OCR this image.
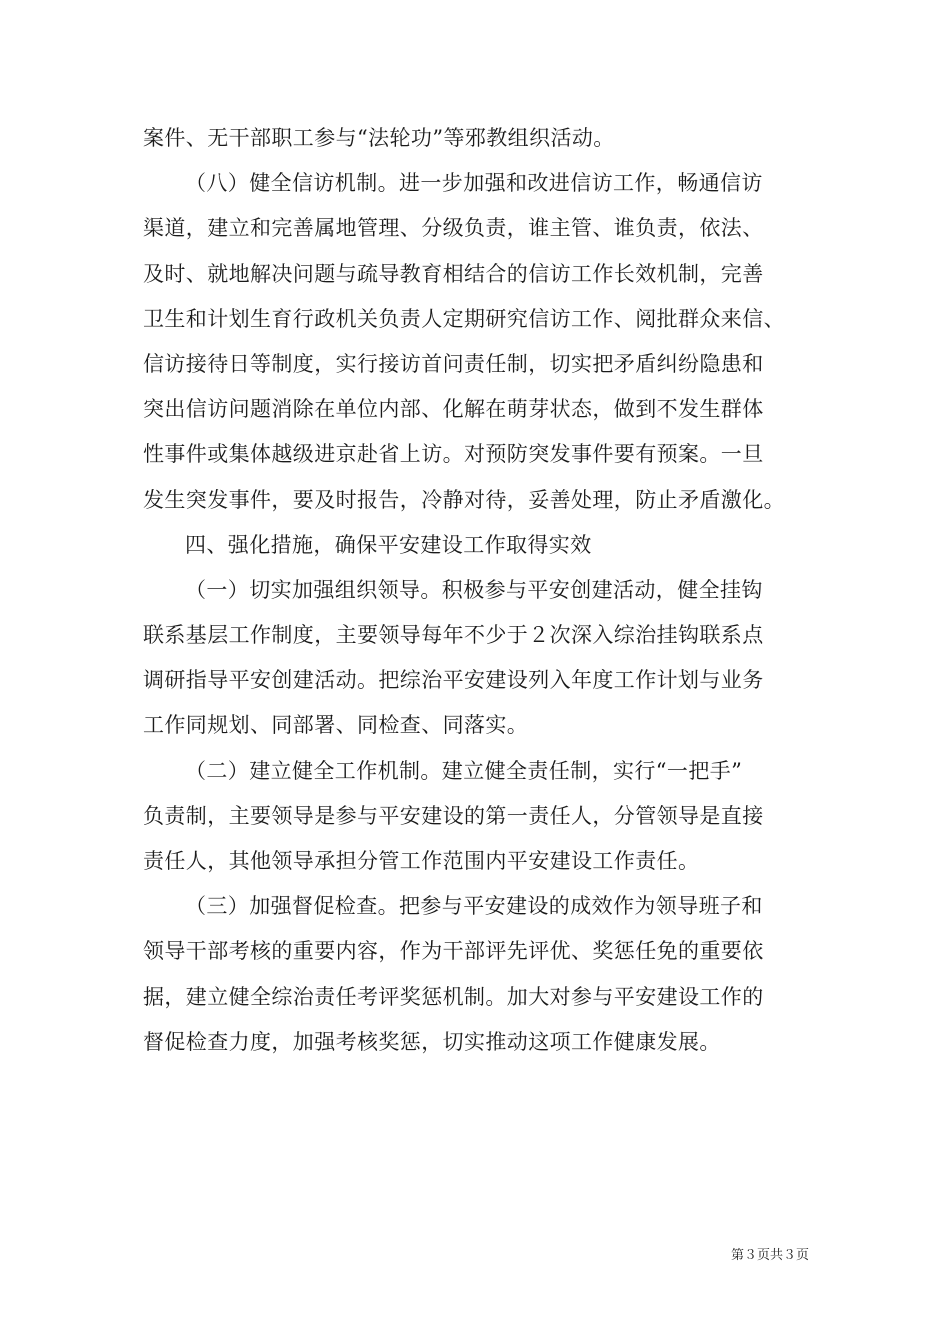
案件、无干部职工参与“法轮功”等邪教组织活动。
（八）健全信访机制。进一步加强和改进信访工作，畅通信访
渠道，建立和完善属地管理、分级负责，谁主管、谁负责，依法、
及时、就地解决问题与疏导教育相结合的信访工作长效机制，完善
卫生和计划生育行政机关负责人定期研究信访工作、阅批群众来信、
信访接待日等制度，实行接访首问责任制，切实把矛盾纠纷隐患和
突出信访问题消除在单位内部、化解在萌芽状态，做到不发生群体
性事件或集体越级进京赴省上访。对预防突发事件要有预案。一旦
发生突发事件，要及时报告，冷静对待，妥善处理，防止矛盾激化。
四、强化措施，确保平安建设工作取得实效
（一）切实加强组织领导。积极参与平安创建活动，健全挂钩
联系基层工作制度，主要领导每年不少于２次深入综治挂钩联系点
调研指导平安创建活动。把综治平安建设列入年度工作计划与业务
工作同规划、同部署、同检查、同落实。
（二）建立健全工作机制。建立健全责任制，实行“一把手”
负责制，主要领导是参与平安建设的第一责任人，分管领导是直接
责任人，其他领导承担分管工作范围内平安建设工作责任。
（三）加强督促检查。把参与平安建设的成效作为领导班子和
领导干部考核的重要内容，作为干部评先评优、奖惩任免的重要依
据，建立健全综治责任考评奖惩机制。加大对参与平安建设工作的
督促检查力度，加强考核奖惩，切实推动这项工作健康发展。
第３页共３页
